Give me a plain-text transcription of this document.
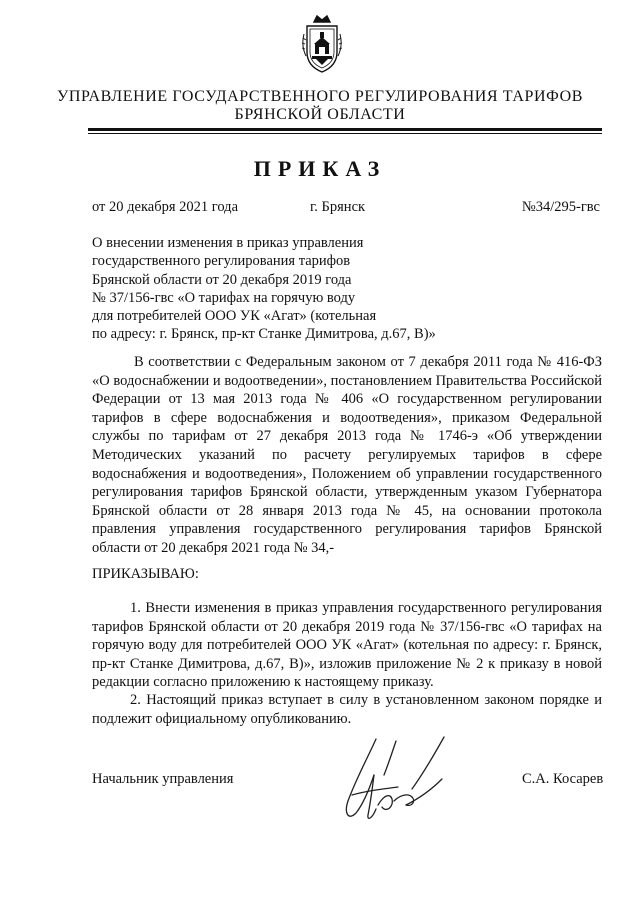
УПРАВЛЕНИЕ ГОСУДАРСТВЕННОГО РЕГУЛИРОВАНИЯ ТАРИФОВ
БРЯНСКОЙ ОБЛАСТИ
ПРИКАЗ
от 20 декабря 2021 года	г. Брянск	№34/295-гвс
О внесении изменения в приказ управления
государственного регулирования тарифов
Брянской области от 20 декабря 2019 года
№ 37/156-гвс «О тарифах на горячую воду
для потребителей ООО УК «Агат» (котельная
по адресу: г. Брянск, пр-кт Станке Димитрова, д.67, В)»
В соответствии с Федеральным законом от 7 декабря 2011 года № 416-ФЗ «О водоснабжении и водоотведении», постановлением Правительства Российской Федерации от 13 мая 2013 года № 406 «О государственном регулировании тарифов в сфере водоснабжения и водоотведения», приказом Федеральной службы по тарифам от 27 декабря 2013 года № 1746-э «Об утверждении Методических указаний по расчету регулируемых тарифов в сфере водоснабжения и водоотведения», Положением об управлении государственного регулирования тарифов Брянской области, утвержденным указом Губернатора Брянской области от 28 января 2013 года № 45, на основании протокола правления управления государственного регулирования тарифов Брянской области от 20 декабря 2021 года № 34,-
ПРИКАЗЫВАЮ:
1. Внести изменения в приказ управления государственного регулирования тарифов Брянской области от 20 декабря 2019 года № 37/156-гвс «О тарифах на горячую воду для потребителей ООО УК «Агат» (котельная по адресу: г. Брянск, пр-кт Станке Димитрова, д.67, В)», изложив приложение № 2 к приказу в новой редакции согласно приложению к настоящему приказу.
2. Настоящий приказ вступает в силу в установленном законом порядке и подлежит официальному опубликованию.
Начальник управления	С.А. Косарев
